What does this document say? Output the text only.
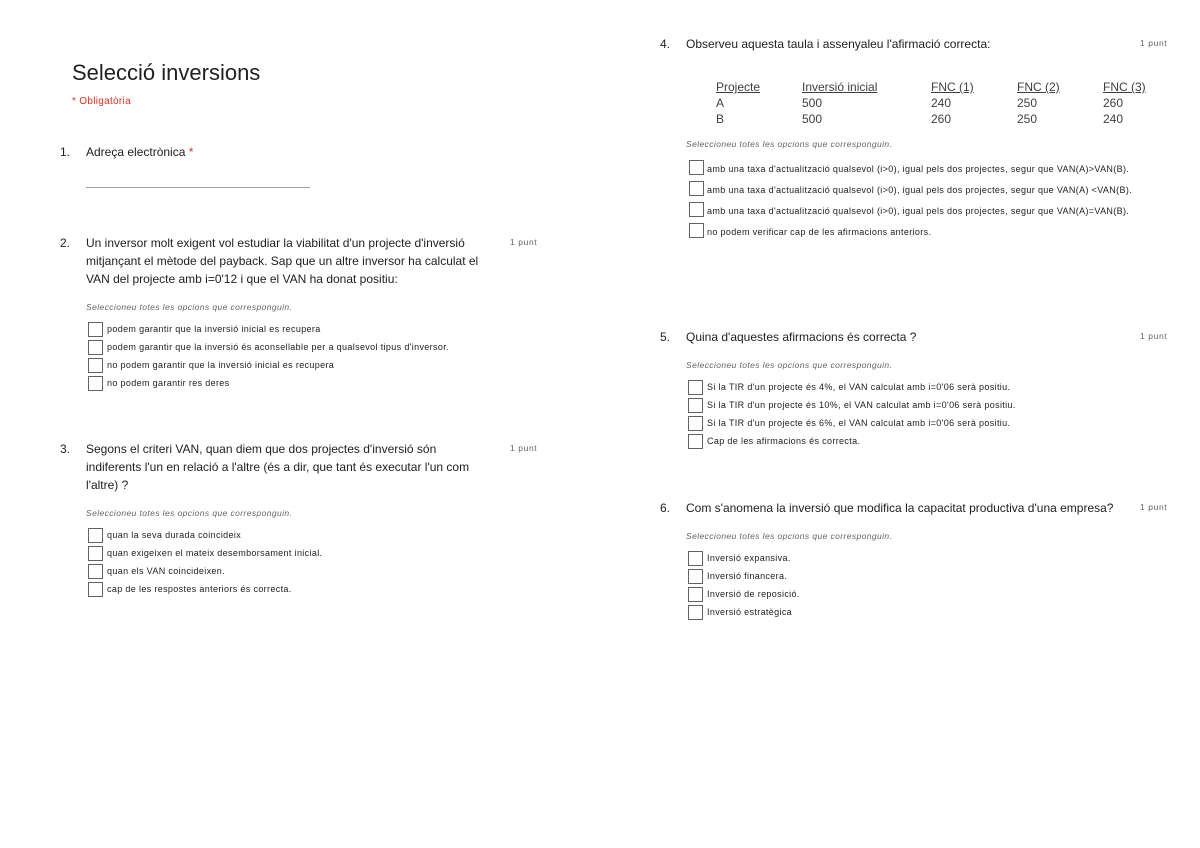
Selecció inversions
* Obligatòria
1.	Adreça electrònica *
2.	Un inversor molt exigent vol estudiar la viabilitat d'un projecte d'inversió mitjançant el mètode del payback. Sap que un altre inversor ha calculat el VAN del projecte amb i=0'12 i que el VAN ha donat positiu:
1 punt
Seleccioneu totes les opcions que corresponguin.
podem garantir que la inversió inicial es recupera
podem garantir que la inversió és aconsellable per a qualsevol tipus d'inversor.
no podem garantir que la inversió inicial es recupera
no podem garantir res deres
3.	Segons el criteri VAN, quan diem que dos projectes d'inversió són indiferents l'un en relació a l'altre (és a dir, que tant és executar l'un com l'altre) ?
1 punt
Seleccioneu totes les opcions que corresponguin.
quan la seva durada coincideix
quan exigeixen el mateix desemborsament inicial.
quan els VAN coincideixen.
cap de les respostes anteriors és correcta.
4.	Observeu aquesta taula i assenyaleu l'afirmació correcta:	1 punt
Projecte	Inversió inicial	FNC (1)	FNC (2)	FNC (3)
A	500	240	250	260
B	500	260	250	240
Seleccioneu totes les opcions que corresponguin.
amb una taxa d'actualització qualsevol (i>0), igual pels dos projectes, segur que VAN(A)>VAN(B).
amb una taxa d'actualització qualsevol (i>0), igual pels dos projectes, segur que VAN(A) <VAN(B).
amb una taxa d'actualització qualsevol (i>0), igual pels dos projectes, segur que VAN(A)=VAN(B).
no podem verificar cap de les afirmacions anteriors.
5.	Quina d'aquestes afirmacions és correcta ?	1 punt
Seleccioneu totes les opcions que corresponguin.
Si la TIR d'un projecte és 4%, el VAN calculat amb i=0'06 serà positiu.
Si la TIR d'un projecte és 10%, el VAN calculat amb i=0'06 serà positiu.
Si la TIR d'un projecte és 6%, el VAN calculat amb i=0'06 serà positiu.
Cap de les afirmacions és correcta.
6.	Com s'anomena la inversió que modifica la capacitat productiva d'una empresa?	1 punt
Seleccioneu totes les opcions que corresponguin.
Inversió expansiva.
Inversió financera.
Inversió de reposició.
Inversió estratègica
